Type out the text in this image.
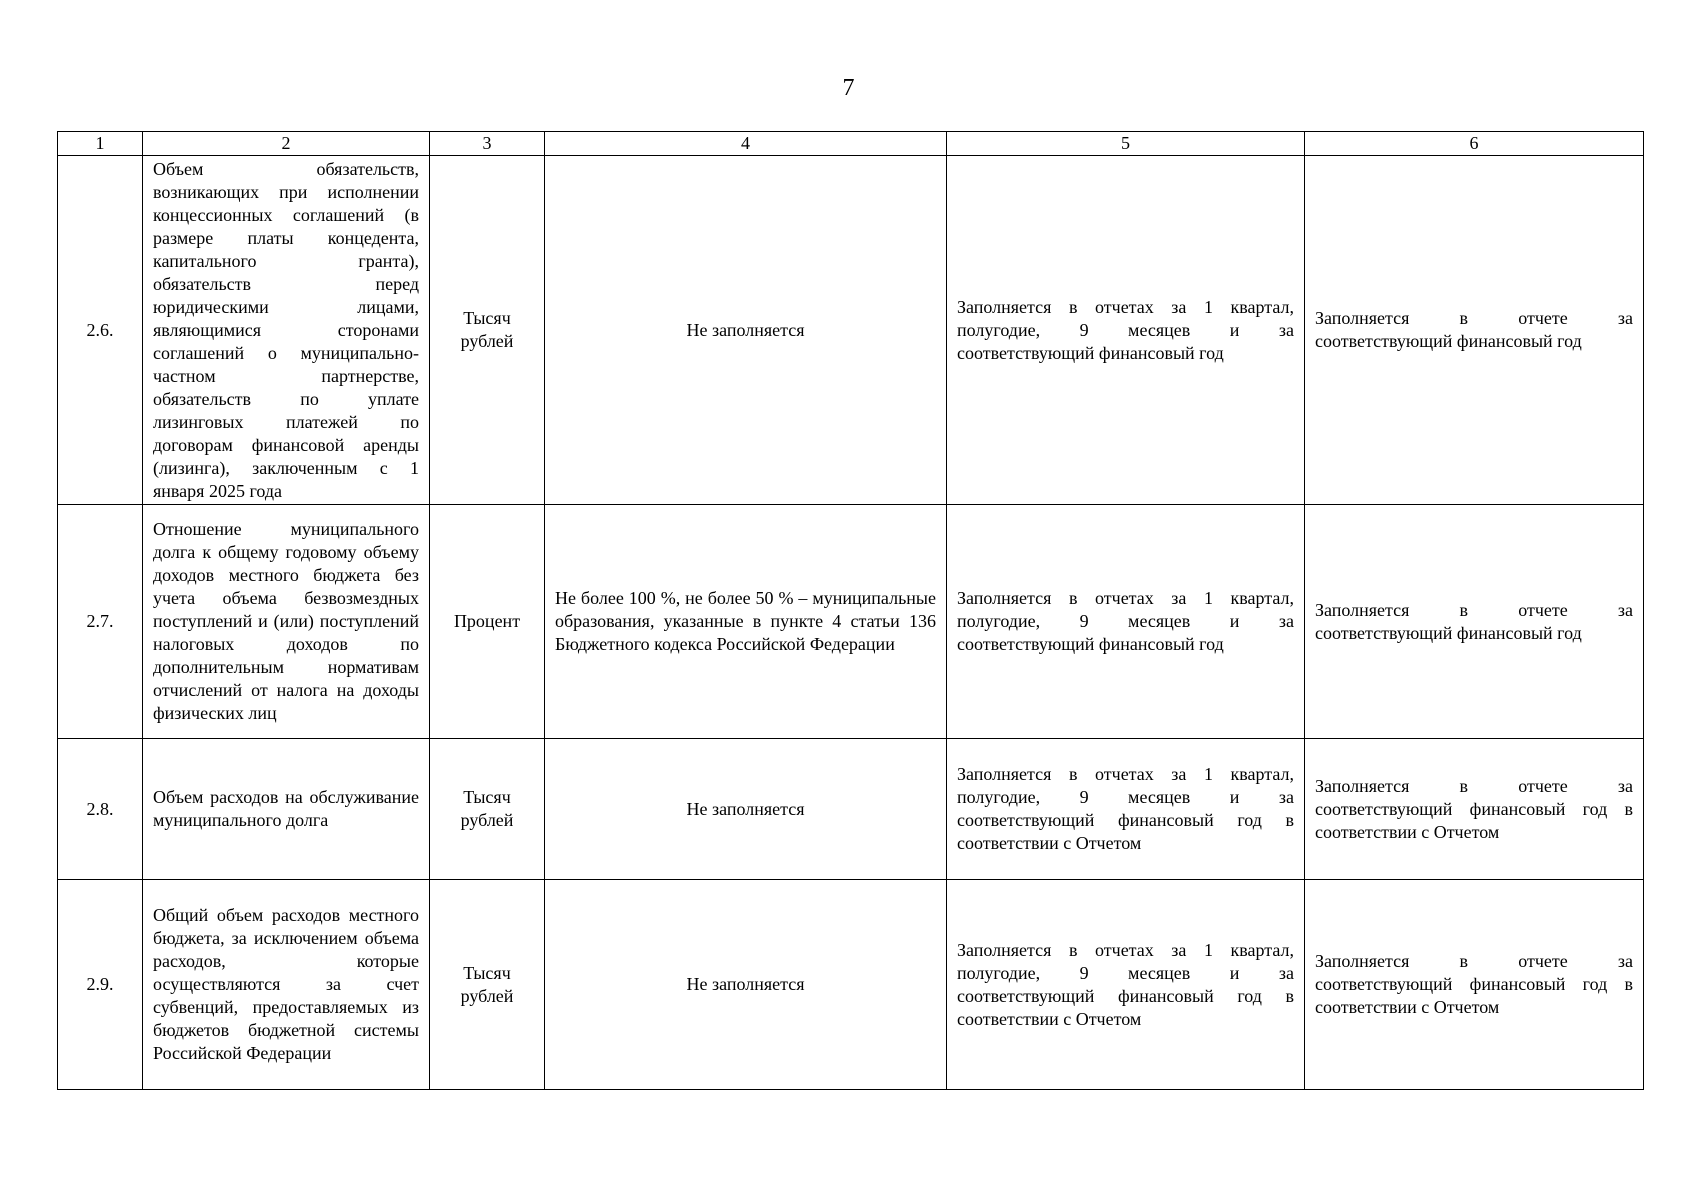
7
1	2	3	4	5	6
2.6.	Объем обязательств, возникающих при исполнении концессионных соглашений (в размере платы концедента, капитального гранта), обязательств перед юридическими лицами, являющимися сторонами соглашений о муниципально-частном партнерстве, обязательств по уплате лизинговых платежей по договорам финансовой аренды (лизинга), заключенным с 1 января 2025 года	Тысяч рублей	Не заполняется	Заполняется в отчетах за 1 квартал, полугодие, 9 месяцев и за соответствующий финансовый год	Заполняется в отчете за соответствующий финансовый год
2.7.	Отношение муниципального долга к общему годовому объему доходов местного бюджета без учета объема безвозмездных поступлений и (или) поступлений налоговых доходов по дополнительным нормативам отчислений от налога на доходы физических лиц	Процент	Не более 100 %, не более 50 % – муниципальные образования, указанные в пункте 4 статьи 136 Бюджетного кодекса Российской Федерации	Заполняется в отчетах за 1 квартал, полугодие, 9 месяцев и за соответствующий финансовый год	Заполняется в отчете за соответствующий финансовый год
2.8.	Объем расходов на обслуживание муниципального долга	Тысяч рублей	Не заполняется	Заполняется в отчетах за 1 квартал, полугодие, 9 месяцев и за соответствующий финансовый год в соответствии с Отчетом	Заполняется в отчете за соответствующий финансовый год в соответствии с Отчетом
2.9.	Общий объем расходов местного бюджета, за исключением объема расходов, которые осуществляются за счет субвенций, предоставляемых из бюджетов бюджетной системы Российской Федерации	Тысяч рублей	Не заполняется	Заполняется в отчетах за 1 квартал, полугодие, 9 месяцев и за соответствующий финансовый год в соответствии с Отчетом	Заполняется в отчете за соответствующий финансовый год в соответствии с Отчетом
